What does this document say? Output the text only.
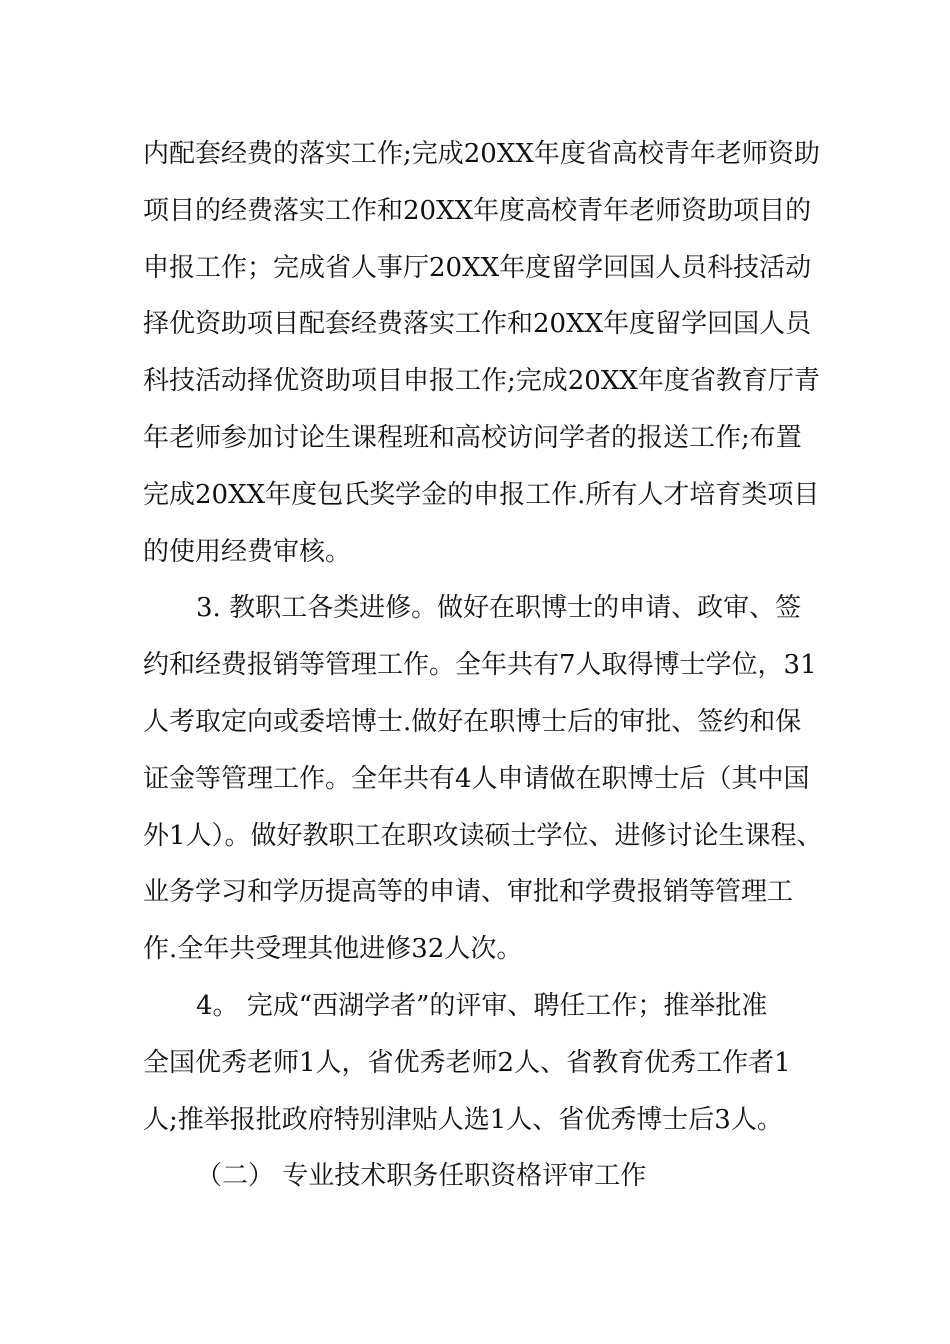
内配套经费的落实工作;完成20XX年度省高校青年老师资助
项目的经费落实工作和20XX年度高校青年老师资助项目的
申报工作；完成省人事厅20XX年度留学回国人员科技活动
择优资助项目配套经费落实工作和20XX年度留学回国人员
科技活动择优资助项目申报工作;完成20XX年度省教育厅青
年老师参加讨论生课程班和高校访问学者的报送工作;布置
完成20XX年度包氏奖学金的申报工作.所有人才培育类项目
的使用经费审核。
3. 教职工各类进修。做好在职博士的申请、政审、签
约和经费报销等管理工作。全年共有7人取得博士学位，31
人考取定向或委培博士.做好在职博士后的审批、签约和保
证金等管理工作。全年共有4人申请做在职博士后（其中国
外1人）。做好教职工在职攻读硕士学位、进修讨论生课程、
业务学习和学历提高等的申请、审批和学费报销等管理工
作.全年共受理其他进修32人次。
4。 完成“西湖学者”的评审、聘任工作；推举批准
全国优秀老师1人，省优秀老师2人、省教育优秀工作者1
人;推举报批政府特别津贴人选1人、省优秀博士后3人。
（二） 专业技术职务任职资格评审工作
